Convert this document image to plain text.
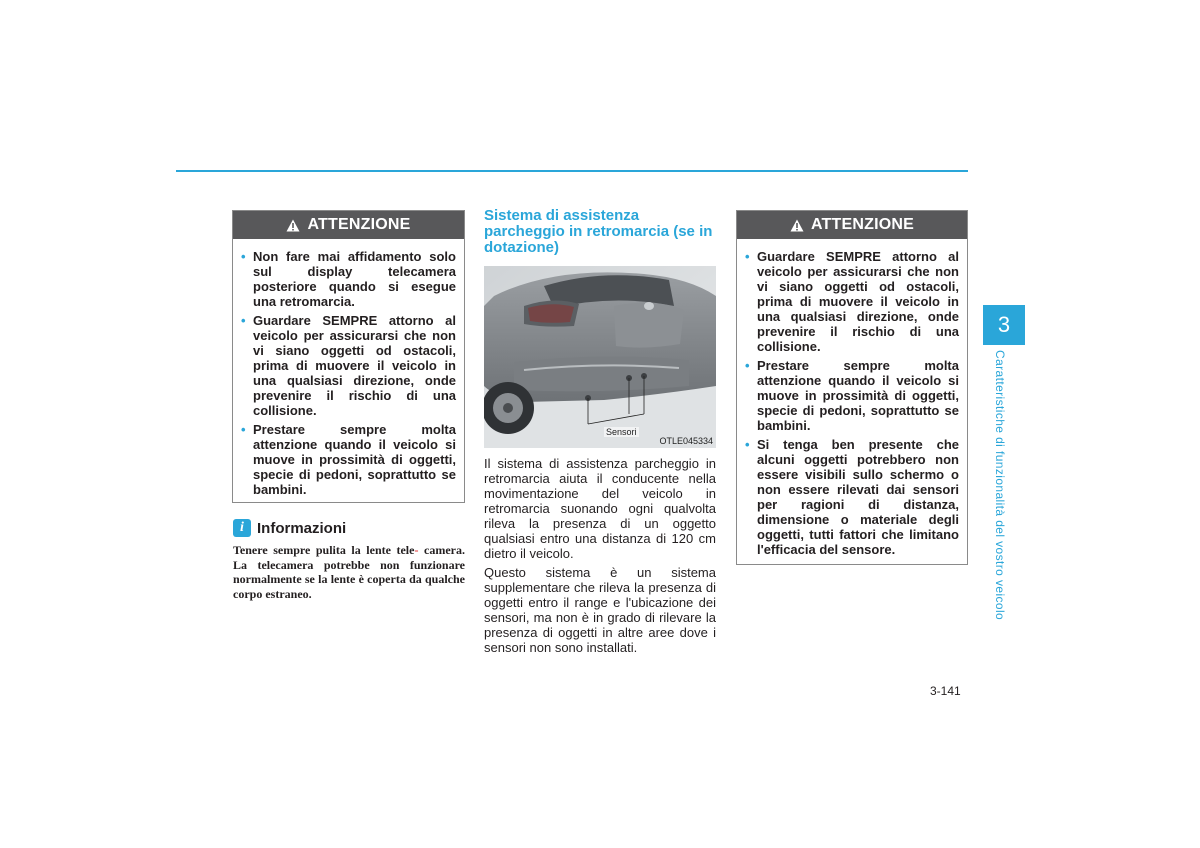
ATTENZIONE
• Non fare mai affidamento solo sul display telecamera posteriore quando si esegue una retromarcia.
• Guardare SEMPRE attorno al veicolo per assicurarsi che non vi siano oggetti od ostacoli, prima di muovere il veicolo in una qualsiasi direzione, onde prevenire il rischio di una collisione.
• Prestare sempre molta attenzione quando il veicolo si muove in prossimità di oggetti, specie di pedoni, soprattutto se bambini.
i Informazioni
Tenere sempre pulita la lente tele- camera. La telecamera potrebbe non funzionare normalmente se la lente è coperta da qualche corpo estraneo.
Sistema di assistenza parcheggio in retromarcia (se in dotazione)
Sensori
OTLE045334

Il sistema di assistenza parcheggio in retromarcia aiuta il conducente nella movimentazione del veicolo in retromarcia suonando ogni qualvolta rileva la presenza di un oggetto qualsiasi entro una distanza di 120 cm dietro il veicolo.

Questo sistema è un sistema supplementare che rileva la presenza di oggetti entro il range e l'ubicazione dei sensori, ma non è in grado di rilevare la presenza di oggetti in altre aree dove i sensori non sono installati.

ATTENZIONE
• Guardare SEMPRE attorno al veicolo per assicurarsi che non vi siano oggetti od ostacoli, prima di muovere il veicolo in una qualsiasi direzione, onde prevenire il rischio di una collisione.
• Prestare sempre molta attenzione quando il veicolo si muove in prossimità di oggetti, specie di pedoni, soprattutto se bambini.
• Si tenga ben presente che alcuni oggetti potrebbero non essere visibili sullo schermo o non essere rilevati dai sensori per ragioni di distanza, dimensione o materiale degli oggetti, tutti fattori che limitano l'efficacia del sensore.
3
Caratteristiche di funzionalità del vostro veicolo
3-141
